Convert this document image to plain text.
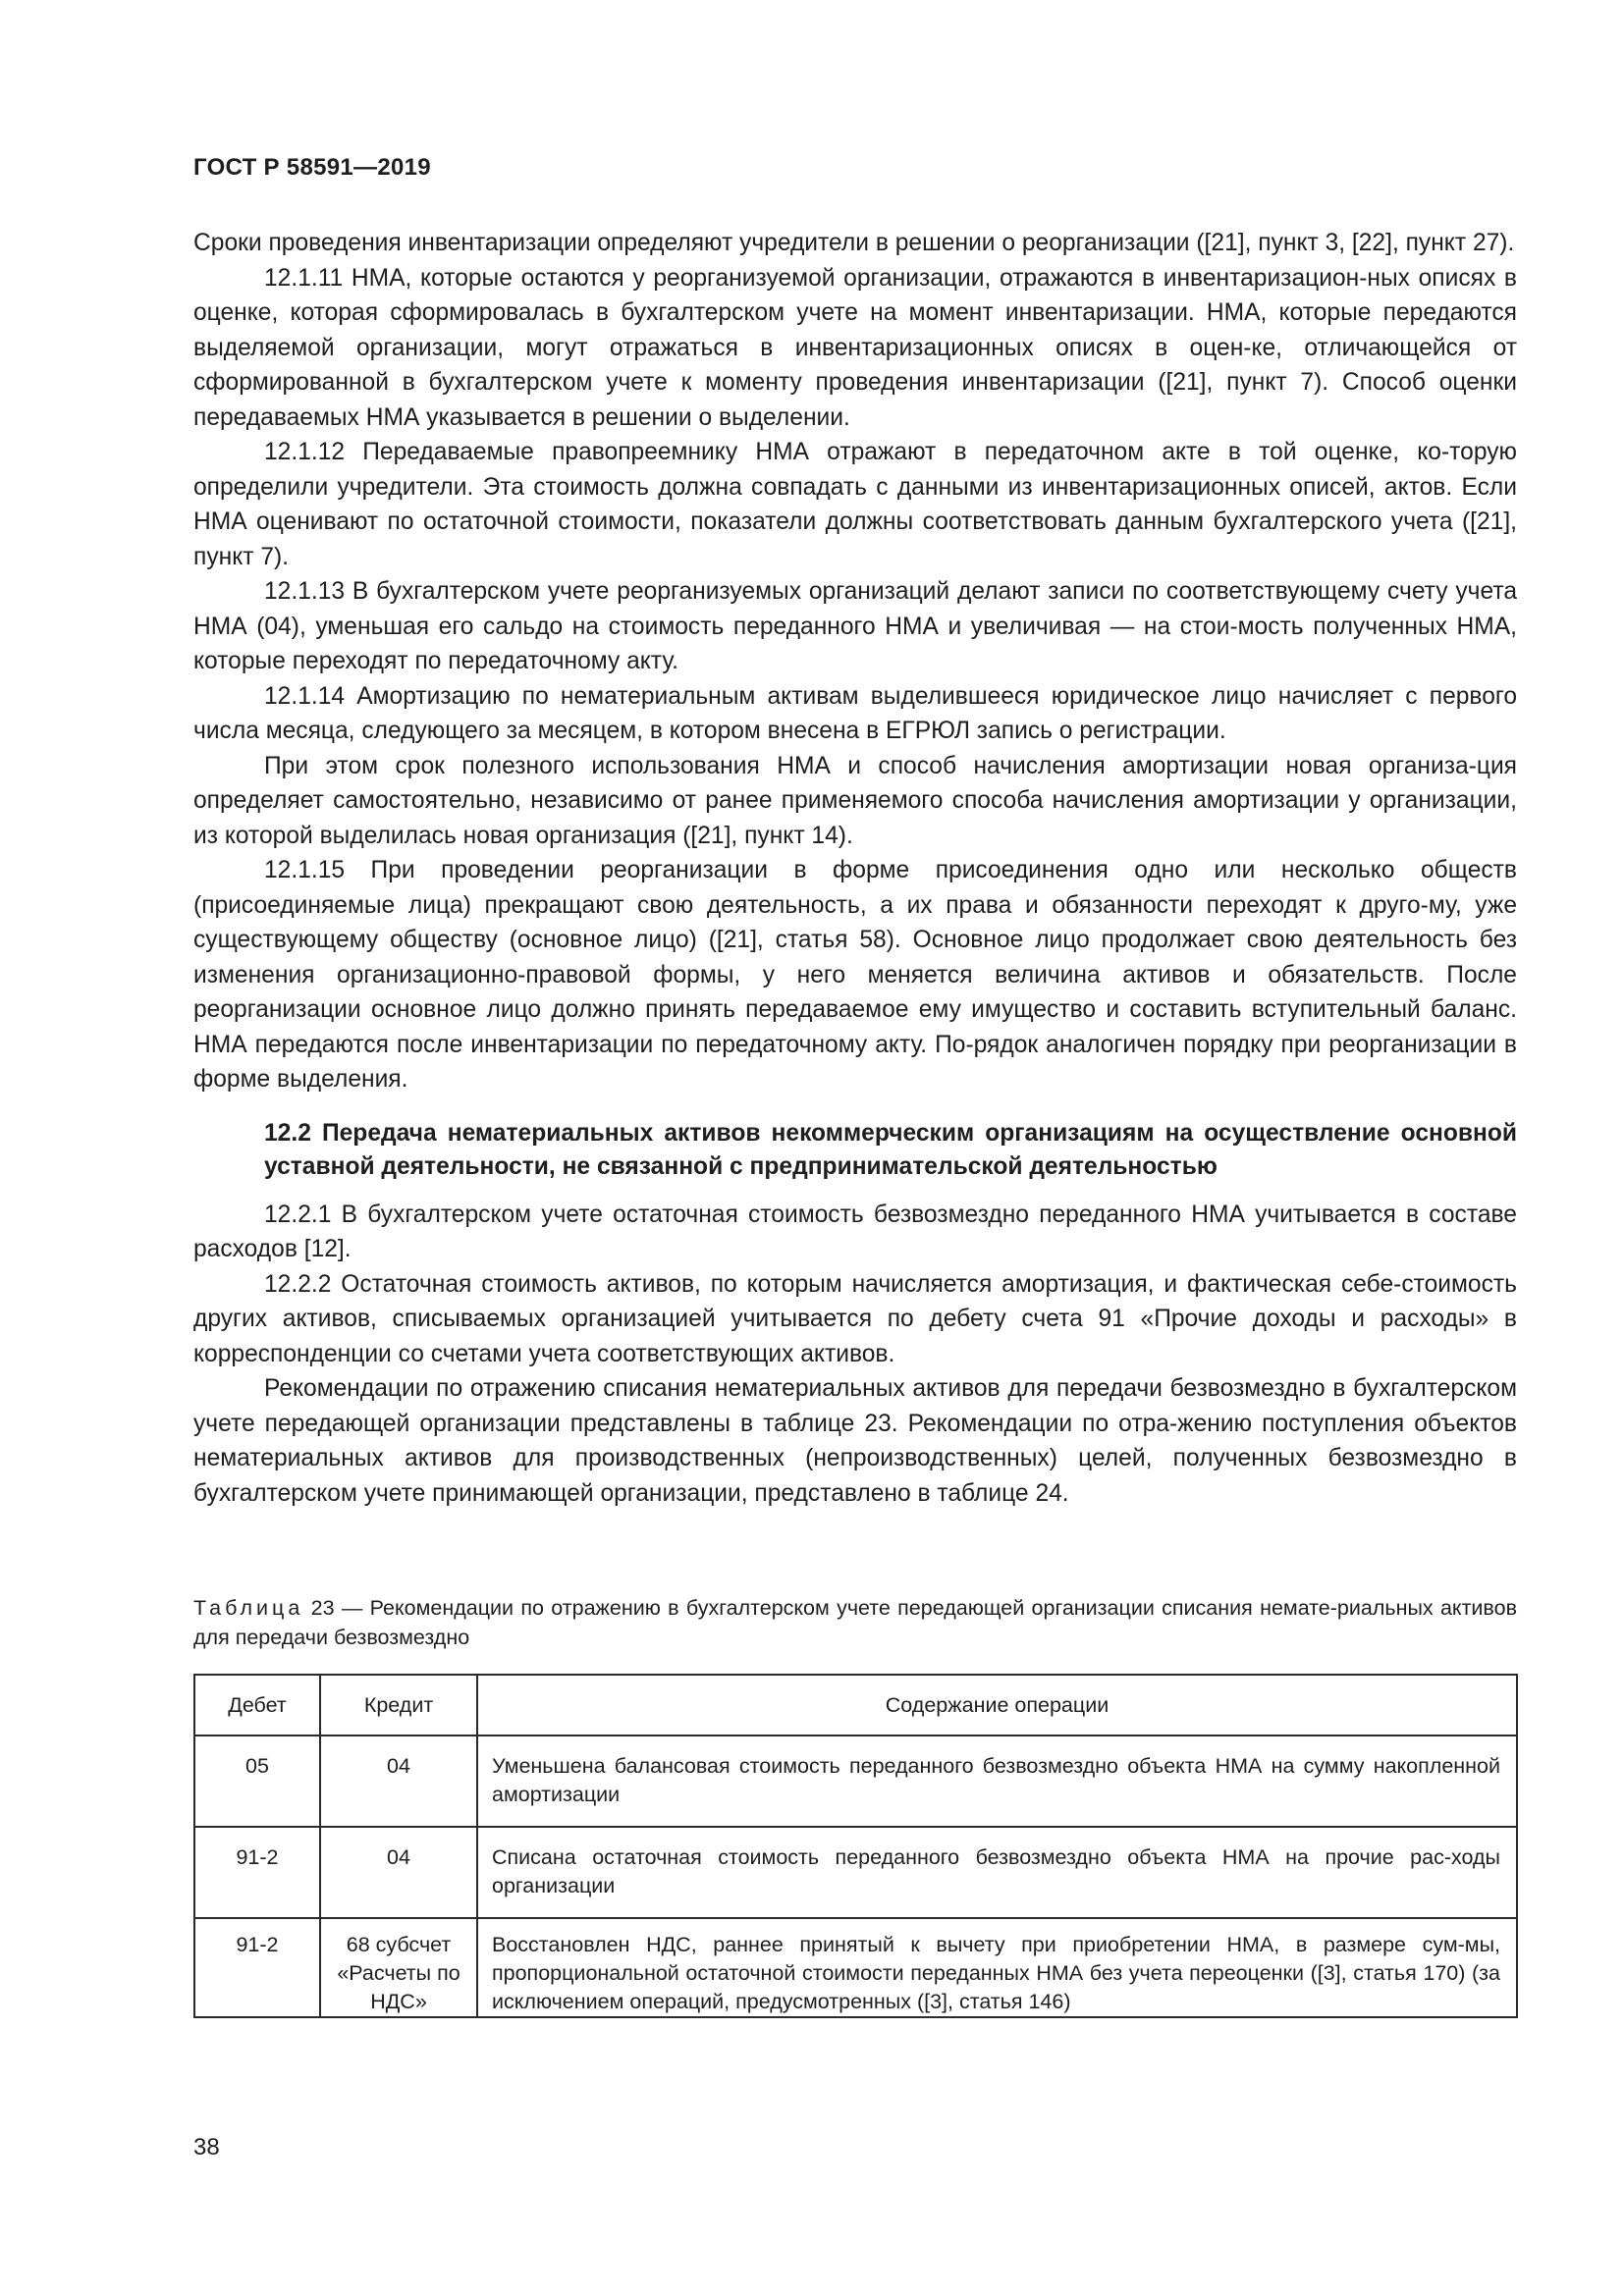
ГОСТ Р 58591—2019

Сроки проведения инвентаризации определяют учредители в решении о реорганизации ([21], пункт 3, [22], пункт 27).

12.1.11 НМА, которые остаются у реорганизуемой организации, отражаются в инвентаризацион-ных описях в оценке, которая сформировалась в бухгалтерском учете на момент инвентаризации. НМА, которые передаются выделяемой организации, могут отражаться в инвентаризационных описях в оцен-ке, отличающейся от сформированной в бухгалтерском учете к моменту проведения инвентаризации ([21], пункт 7). Способ оценки передаваемых НМА указывается в решении о выделении.

12.1.12 Передаваемые правопреемнику НМА отражают в передаточном акте в той оценке, ко-торую определили учредители. Эта стоимость должна совпадать с данными из инвентаризационных описей, актов. Если НМА оценивают по остаточной стоимости, показатели должны соответствовать данным бухгалтерского учета ([21], пункт 7).

12.1.13 В бухгалтерском учете реорганизуемых организаций делают записи по соответствующему счету учета НМА (04), уменьшая его сальдо на стоимость переданного НМА и увеличивая — на стои-мость полученных НМА, которые переходят по передаточному акту.

12.1.14 Амортизацию по нематериальным активам выделившееся юридическое лицо начисляет с первого числа месяца, следующего за месяцем, в котором внесена в ЕГРЮЛ запись о регистрации.

При этом срок полезного использования НМА и способ начисления амортизации новая организа-ция определяет самостоятельно, независимо от ранее применяемого способа начисления амортизации у организации, из которой выделилась новая организация ([21], пункт 14).

12.1.15 При проведении реорганизации в форме присоединения одно или несколько обществ (присоединяемые лица) прекращают свою деятельность, а их права и обязанности переходят к друго-му, уже существующему обществу (основное лицо) ([21], статья 58). Основное лицо продолжает свою деятельность без изменения организационно-правовой формы, у него меняется величина активов и обязательств. После реорганизации основное лицо должно принять передаваемое ему имущество и составить вступительный баланс. НМА передаются после инвентаризации по передаточному акту. По-рядок аналогичен порядку при реорганизации в форме выделения.

12.2 Передача нематериальных активов некоммерческим организациям на осуществление основной уставной деятельности, не связанной с предпринимательской деятельностью

12.2.1 В бухгалтерском учете остаточная стоимость безвозмездно переданного НМА учитывается в составе расходов [12].

12.2.2 Остаточная стоимость активов, по которым начисляется амортизация, и фактическая себе-стоимость других активов, списываемых организацией учитывается по дебету счета 91 «Прочие доходы и расходы» в корреспонденции со счетами учета соответствующих активов.

Рекомендации по отражению списания нематериальных активов для передачи безвозмездно в бухгалтерском учете передающей организации представлены в таблице 23. Рекомендации по отра-жению поступления объектов нематериальных активов для производственных (непроизводственных) целей, полученных безвозмездно в бухгалтерском учете принимающей организации, представлено в таблице 24.

Таблица 23 — Рекомендации по отражению в бухгалтерском учете передающей организации списания немате-риальных активов для передачи безвозмездно
Дебет	Кредит	Содержание операции
05	04	Уменьшена балансовая стоимость переданного безвозмездно объекта НМА на сумму накопленной амортизации
91-2	04	Списана остаточная стоимость переданного безвозмездно объекта НМА на прочие рас-ходы организации
91-2	68 субсчет «Расчеты по НДС»	Восстановлен НДС, раннее принятый к вычету при приобретении НМА, в размере сум-мы, пропорциональной остаточной стоимости переданных НМА без учета переоценки ([3], статья 170) (за исключением операций, предусмотренных ([3], статья 146)
38
